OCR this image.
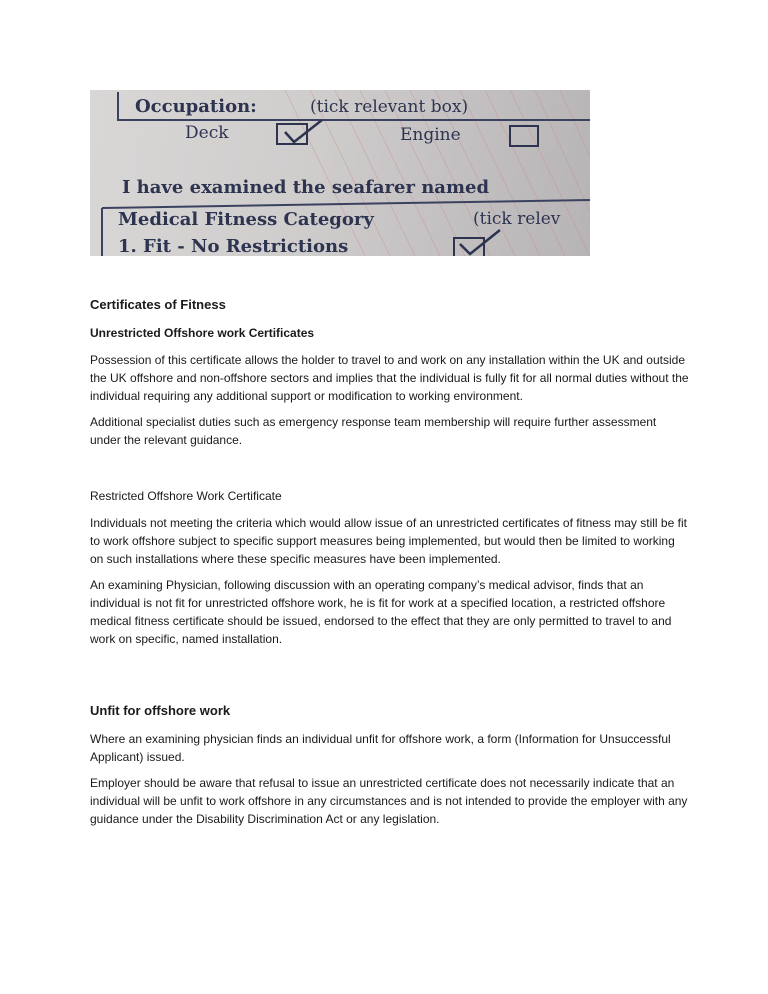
Occupation:	(tick relevant box)
Deck	Engine
I have examined the seafarer named
Medical Fitness Category	(tick relev
1. Fit - No Restrictions
Certificates of Fitness
Unrestricted Offshore work Certificates

Possession of this certificate allows the holder to travel to and work on any installation within the UK and outside the UK offshore and non-offshore sectors and implies that the individual is fully fit for all normal duties without the individual requiring any additional support or modification to working environment.

Additional specialist duties such as emergency response team membership will require further assessment under the relevant guidance.

Restricted Offshore Work Certificate

Individuals not meeting the criteria which would allow issue of an unrestricted certificates of fitness may still be fit to work offshore subject to specific support measures being implemented, but would then be limited to working on such installations where these specific measures have been implemented.

An examining Physician, following discussion with an operating company’s medical advisor, finds that an individual is not fit for unrestricted offshore work, he is fit for work at a specified location, a restricted offshore medical fitness certificate should be issued, endorsed to the effect that they are only permitted to travel to and work on specific, named installation.

Unfit for offshore work

Where an examining physician finds an individual unfit for offshore work, a form (Information for Unsuccessful Applicant) issued.

Employer should be aware that refusal to issue an unrestricted certificate does not necessarily indicate that an individual will be unfit to work offshore in any circumstances and is not intended to provide the employer with any guidance under the Disability Discrimination Act or any legislation.
